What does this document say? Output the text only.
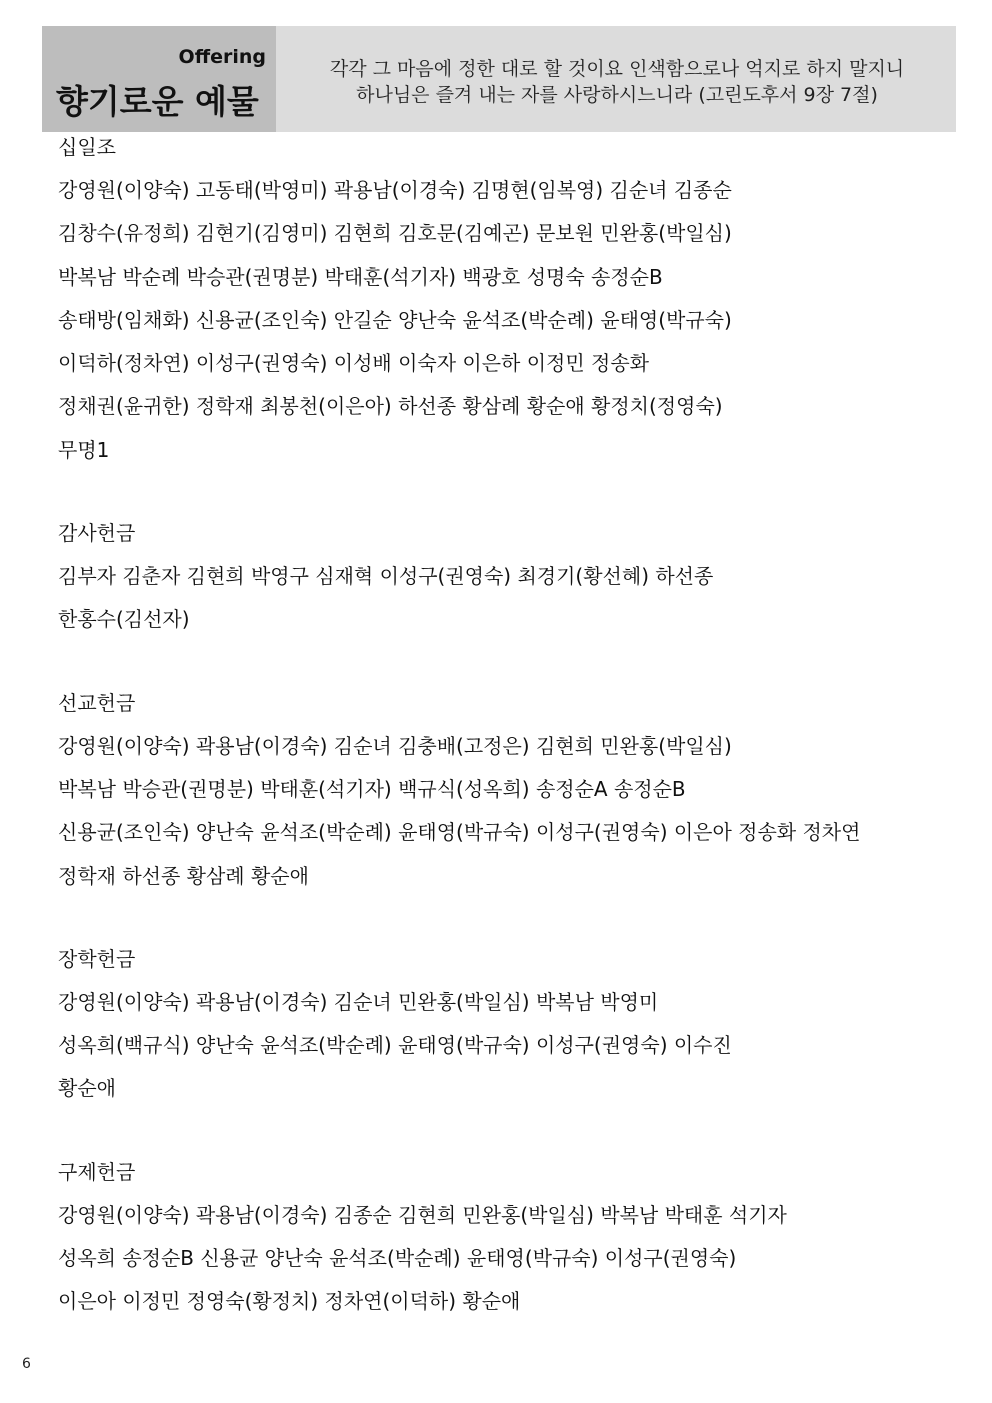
Offering
향기로운 예물
각각 그 마음에 정한 대로 할 것이요 인색함으로나 억지로 하지 말지니
하나님은 즐겨 내는 자를 사랑하시느니라 (고린도후서 9장 7절)
십일조
강영원(이양숙) 고동태(박영미) 곽용남(이경숙) 김명현(임복영) 김순녀 김종순
김창수(유정희) 김현기(김영미) 김현희 김호문(김예곤) 문보원 민완홍(박일심)
박복남 박순례 박승관(권명분) 박태훈(석기자) 백광호 성명숙 송정순B
송태방(임채화) 신용균(조인숙) 안길순 양난숙 윤석조(박순례) 윤태영(박규숙)
이덕하(정차연) 이성구(권영숙) 이성배 이숙자 이은하 이정민 정송화
정채권(윤귀한) 정학재 최봉천(이은아) 하선종 황삼례 황순애 황정치(정영숙)
무명1
감사헌금
김부자 김춘자 김현희 박영구 심재혁 이성구(권영숙) 최경기(황선혜) 하선종
한홍수(김선자)
선교헌금
강영원(이양숙) 곽용남(이경숙) 김순녀 김충배(고정은) 김현희 민완홍(박일심)
박복남 박승관(권명분) 박태훈(석기자) 백규식(성옥희) 송정순A 송정순B
신용균(조인숙) 양난숙 윤석조(박순례) 윤태영(박규숙) 이성구(권영숙) 이은아 정송화 정차연
정학재 하선종 황삼례 황순애
장학헌금
강영원(이양숙) 곽용남(이경숙) 김순녀 민완홍(박일심) 박복남 박영미
성옥희(백규식) 양난숙 윤석조(박순례) 윤태영(박규숙) 이성구(권영숙) 이수진
황순애
구제헌금
강영원(이양숙) 곽용남(이경숙) 김종순 김현희 민완홍(박일심) 박복남 박태훈 석기자
성옥희 송정순B 신용균 양난숙 윤석조(박순례) 윤태영(박규숙) 이성구(권영숙)
이은아 이정민 정영숙(황정치) 정차연(이덕하) 황순애
6
